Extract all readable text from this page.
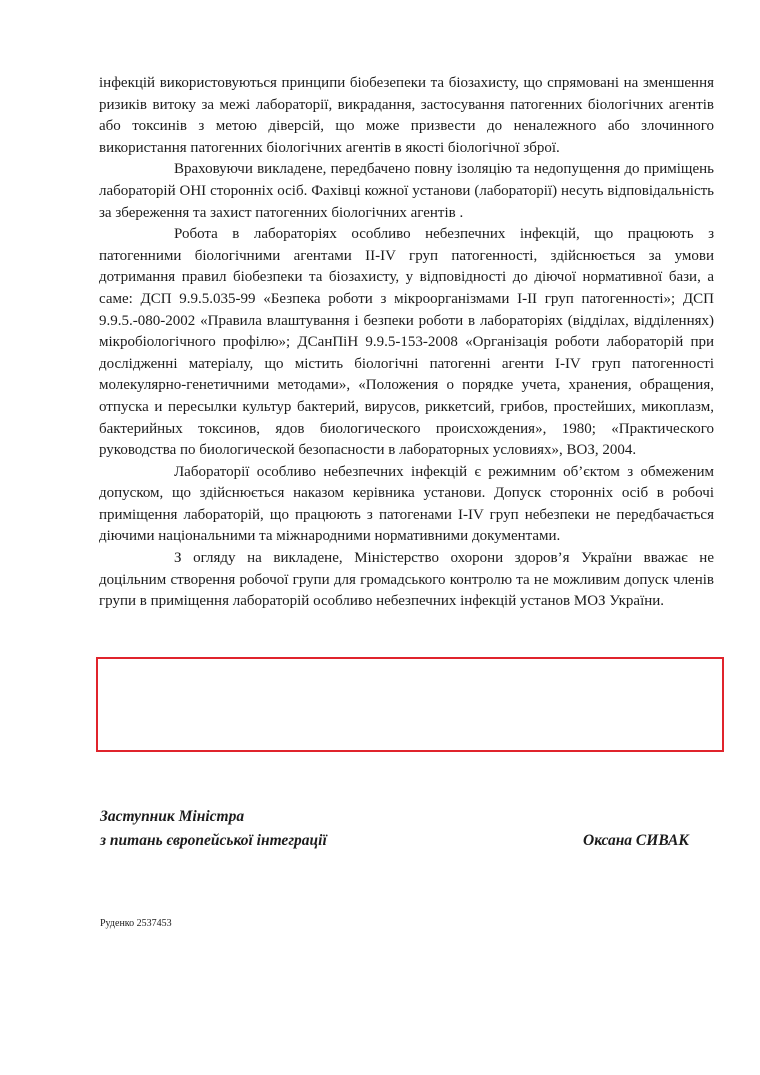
інфекцій використовуються принципи біобезепеки та біозахисту, що спрямовані на зменшення ризиків витоку за межі лабораторії, викрадання, застосування патогенних біологічних агентів або токсинів з метою діверсій, що може призвести до неналежного або злочинного використання патогенних біологічних агентів в якості біологічної зброї.

Враховуючи викладене, передбачено повну ізоляцію та недопущення до приміщень лабораторій ОНІ сторонніх осіб. Фахівці кожної установи (лабораторії) несуть відповідальність за збереження та захист патогенних біологічних агентів .

Робота в лабораторіях особливо небезпечних інфекцій, що працюють з патогенними біологічними агентами ІІ-IV груп патогенності, здійснюється за умови дотримання правил біобезпеки та біозахисту, у відповідності до діючої нормативної бази, а саме: ДСП 9.9.5.035-99 «Безпека роботи з мікроорганізмами І-ІІ груп патогенності»; ДСП 9.9.5.-080-2002 «Правила влаштування і безпеки роботи в лабораторіях (відділах, відділеннях) мікробіологічного профілю»; ДСанПіН 9.9.5-153-2008 «Організація роботи лабораторій при дослідженні матеріалу, що містить біологічні патогенні агенти I-IV груп патогенності молекулярно-генетичними методами», «Положения о порядке учета, хранения, обращения, отпуска и пересылки культур бактерий, вирусов, риккетсий, грибов, простейших, микоплазм, бактерийных токсинов, ядов биологического происхождения», 1980; «Практического руководства по биологической безопасности в лабораторных условиях», ВОЗ, 2004.

Лабораторії особливо небезпечних інфекцій є режимним об’єктом з обмеженим допуском, що здійснюється наказом керівника установи. Допуск сторонніх осіб в робочі приміщення лабораторій, що працюють з патогенами I-IV груп небезпеки не передбачається діючими національними та міжнародними нормативними документами.

З огляду на викладене, Міністерство охорони здоров’я України вважає не доцільним створення робочої групи для громадського контролю та не можливим допуск членів групи в приміщення лабораторій особливо небезпечних інфекцій установ МОЗ України.

Заступник Міністра
з питань європейської інтеграції	Оксана СИВАК
Руденко 2537453
